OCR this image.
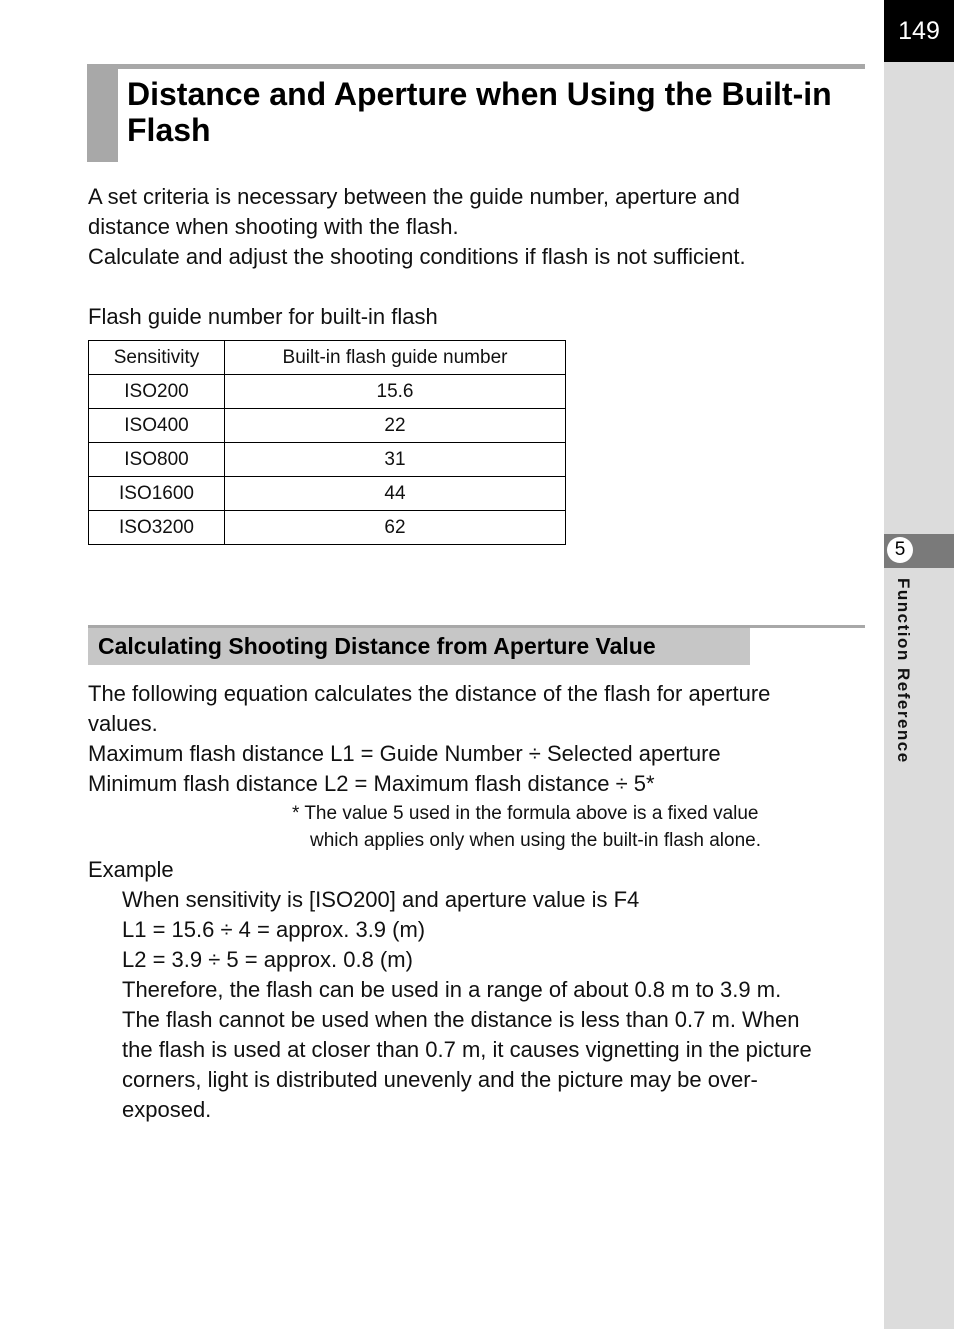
149
5
Function Reference
Distance and Aperture when Using the Built-in Flash

A set criteria is necessary between the guide number, aperture and

distance when shooting with the flash.

Calculate and adjust the shooting conditions if flash is not sufficient.

Flash guide number for built-in flash

Sensitivity	Built-in flash guide number
ISO200	15.6
ISO400	22
ISO800	31
ISO1600	44
ISO3200	62
Calculating Shooting Distance from Aperture Value

The following equation calculates the distance of the flash for aperture

values.

Maximum flash distance L1 = Guide Number ÷ Selected aperture

Minimum flash distance L2 = Maximum flash distance ÷ 5*

* The value 5 used in the formula above is a fixed value

which applies only when using the built-in flash alone.

Example

When sensitivity is [ISO200] and aperture value is F4

L1 = 15.6 ÷ 4 = approx. 3.9 (m)

L2 = 3.9 ÷ 5 = approx. 0.8 (m)

Therefore, the flash can be used in a range of about 0.8 m to 3.9 m.

The flash cannot be used when the distance is less than 0.7 m. When

the flash is used at closer than 0.7 m, it causes vignetting in the picture

corners, light is distributed unevenly and the picture may be over-

exposed.
